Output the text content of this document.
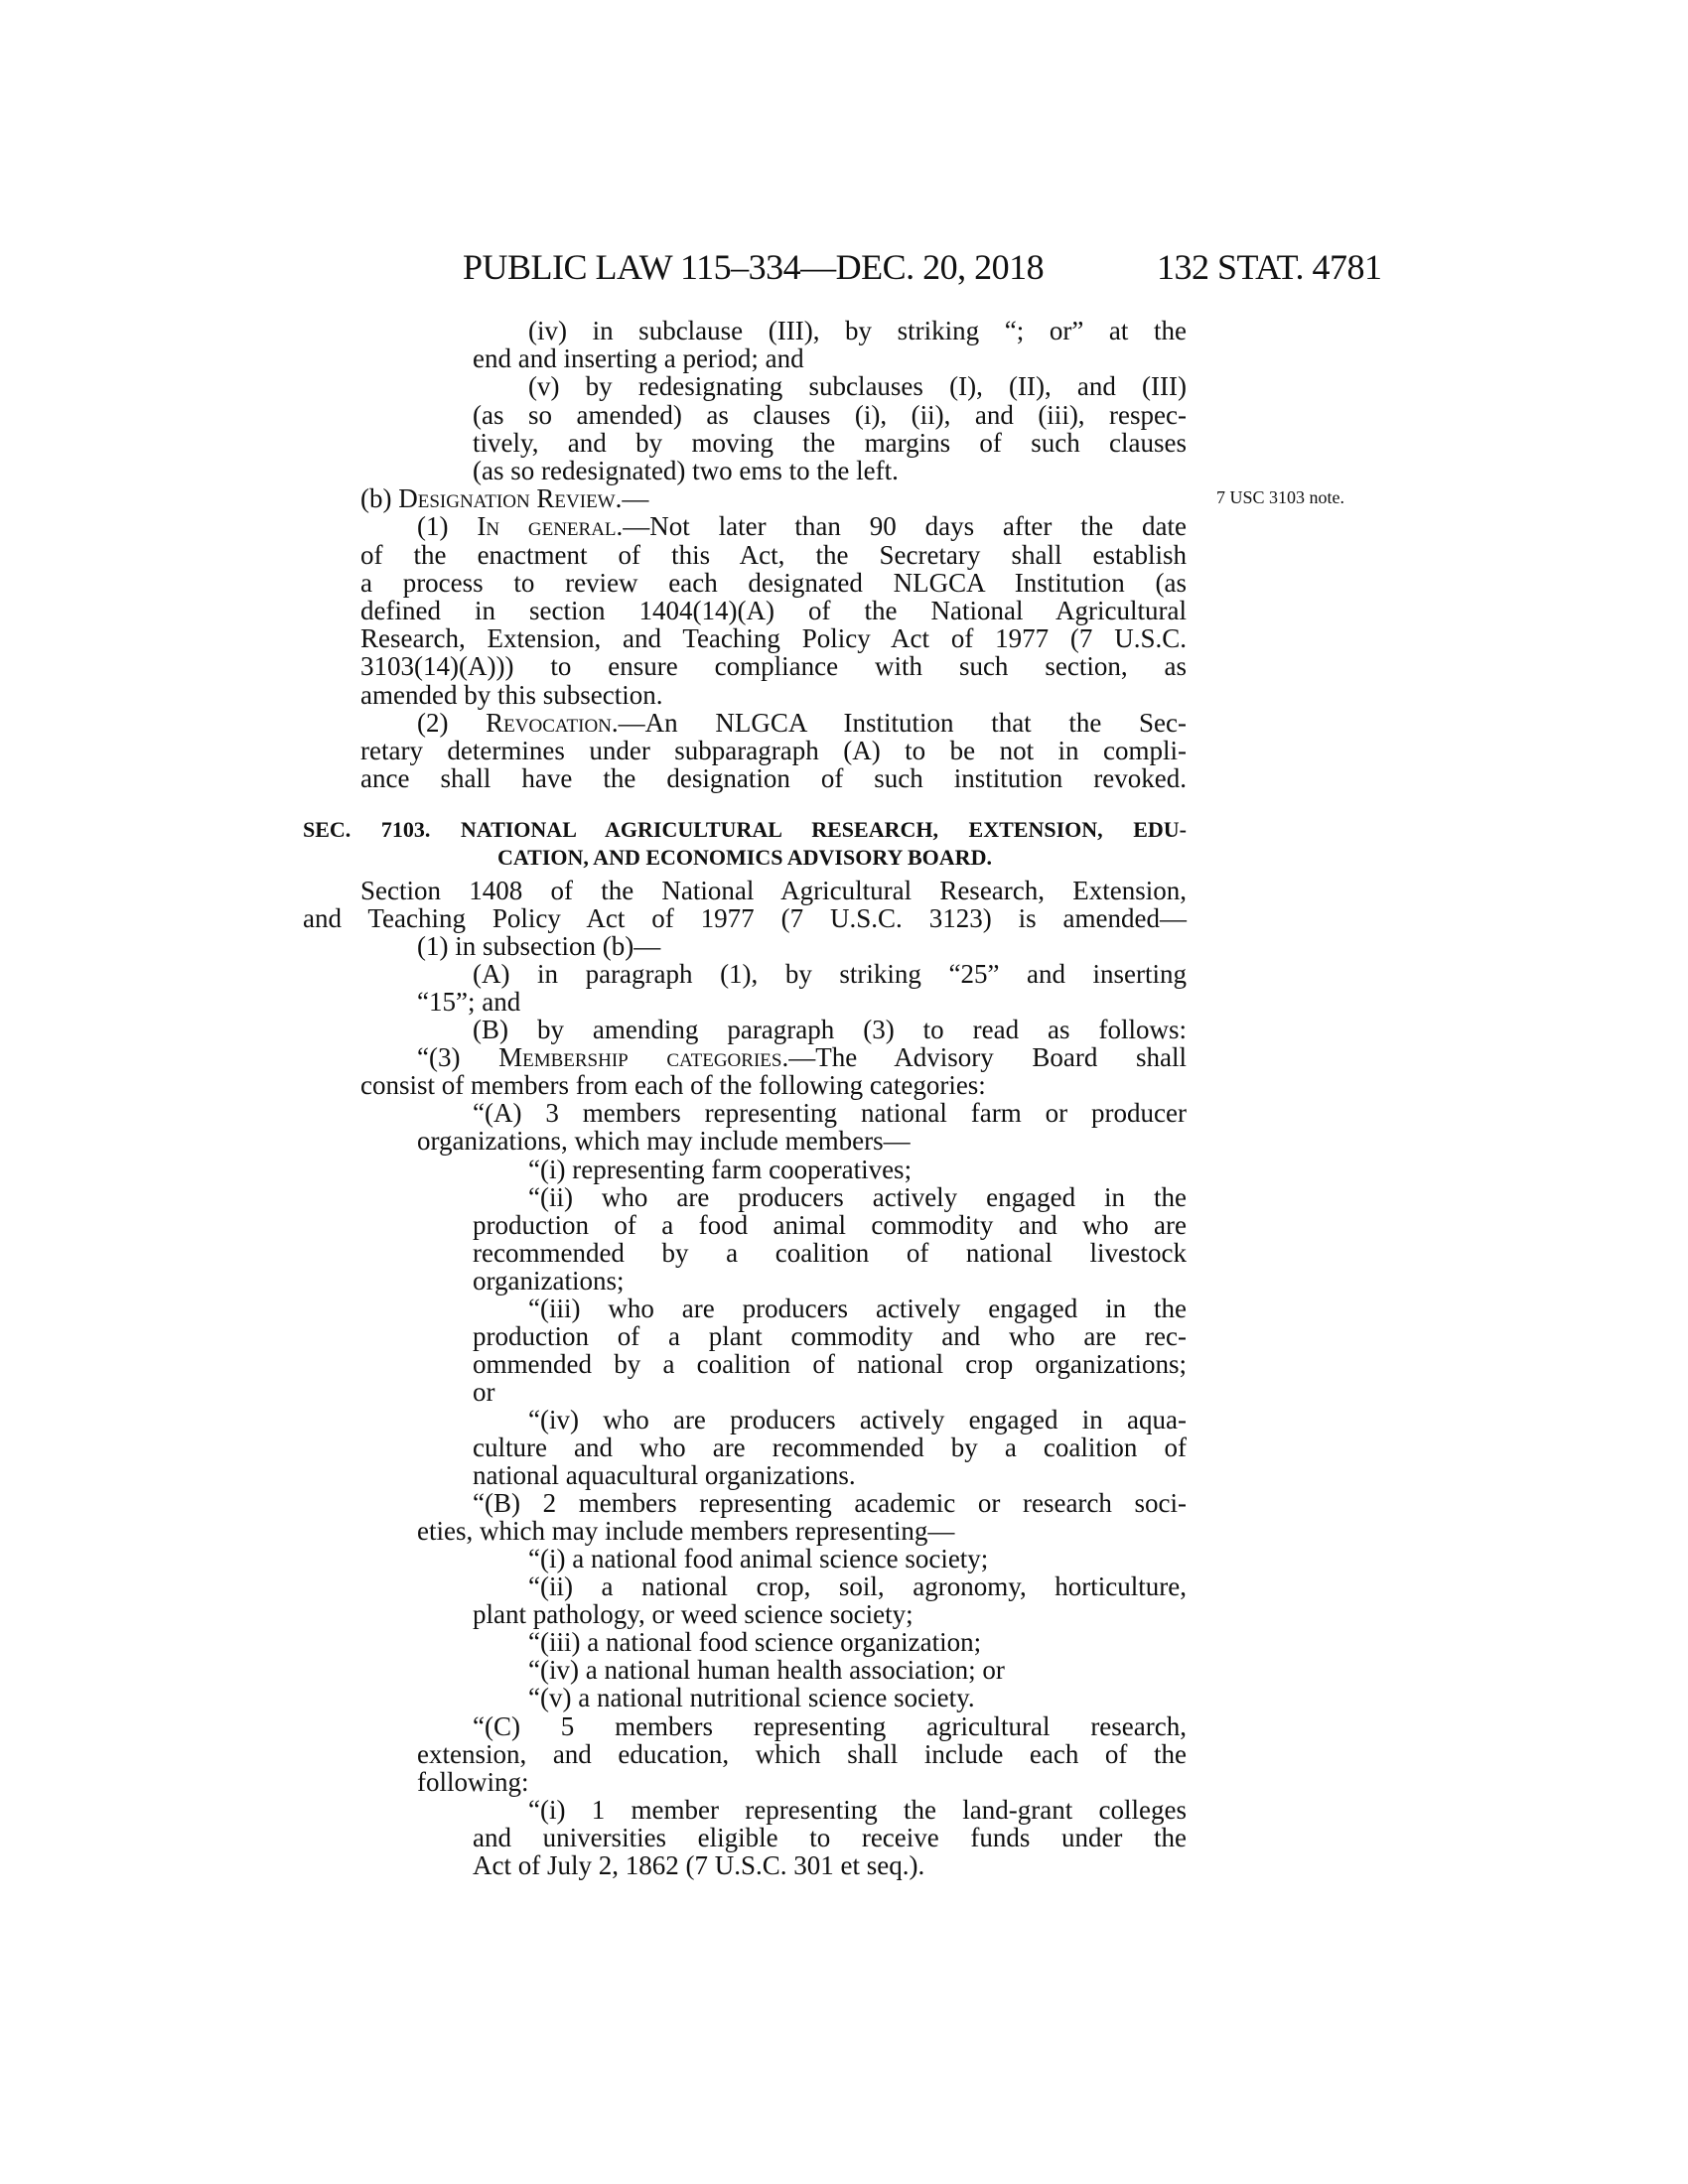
PUBLIC LAW 115–334—DEC. 20, 2018	132 STAT. 4781
7 USC 3103 note.
(iv) in subclause (III), by striking “; or” at the
end and inserting a period; and
(v) by redesignating subclauses (I), (II), and (III)
(as so amended) as clauses (i), (ii), and (iii), respec-
tively, and by moving the margins of such clauses
(as so redesignated) two ems to the left.
(b) Designation Review.—
(1) In general.—Not later than 90 days after the date
of the enactment of this Act, the Secretary shall establish
a process to review each designated NLGCA Institution (as
defined in section 1404(14)(A) of the National Agricultural
Research, Extension, and Teaching Policy Act of 1977 (7 U.S.C.
3103(14)(A))) to ensure compliance with such section, as
amended by this subsection.
(2) Revocation.—An NLGCA Institution that the Sec-
retary determines under subparagraph (A) to be not in compli-
ance shall have the designation of such institution revoked.
SEC. 7103. NATIONAL AGRICULTURAL RESEARCH, EXTENSION, EDU-
CATION, AND ECONOMICS ADVISORY BOARD.
Section 1408 of the National Agricultural Research, Extension,
and Teaching Policy Act of 1977 (7 U.S.C. 3123) is amended—
(1) in subsection (b)—
(A) in paragraph (1), by striking “25” and inserting
“15”; and
(B) by amending paragraph (3) to read as follows:
“(3) Membership categories.—The Advisory Board shall
consist of members from each of the following categories:
“(A) 3 members representing national farm or producer
organizations, which may include members—
“(i) representing farm cooperatives;
“(ii) who are producers actively engaged in the
production of a food animal commodity and who are
recommended by a coalition of national livestock
organizations;
“(iii) who are producers actively engaged in the
production of a plant commodity and who are rec-
ommended by a coalition of national crop organizations;
or
“(iv) who are producers actively engaged in aqua-
culture and who are recommended by a coalition of
national aquacultural organizations.
“(B) 2 members representing academic or research soci-
eties, which may include members representing—
“(i) a national food animal science society;
“(ii) a national crop, soil, agronomy, horticulture,
plant pathology, or weed science society;
“(iii) a national food science organization;
“(iv) a national human health association; or
“(v) a national nutritional science society.
“(C) 5 members representing agricultural research,
extension, and education, which shall include each of the
following:
“(i) 1 member representing the land-grant colleges
and universities eligible to receive funds under the
Act of July 2, 1862 (7 U.S.C. 301 et seq.).
